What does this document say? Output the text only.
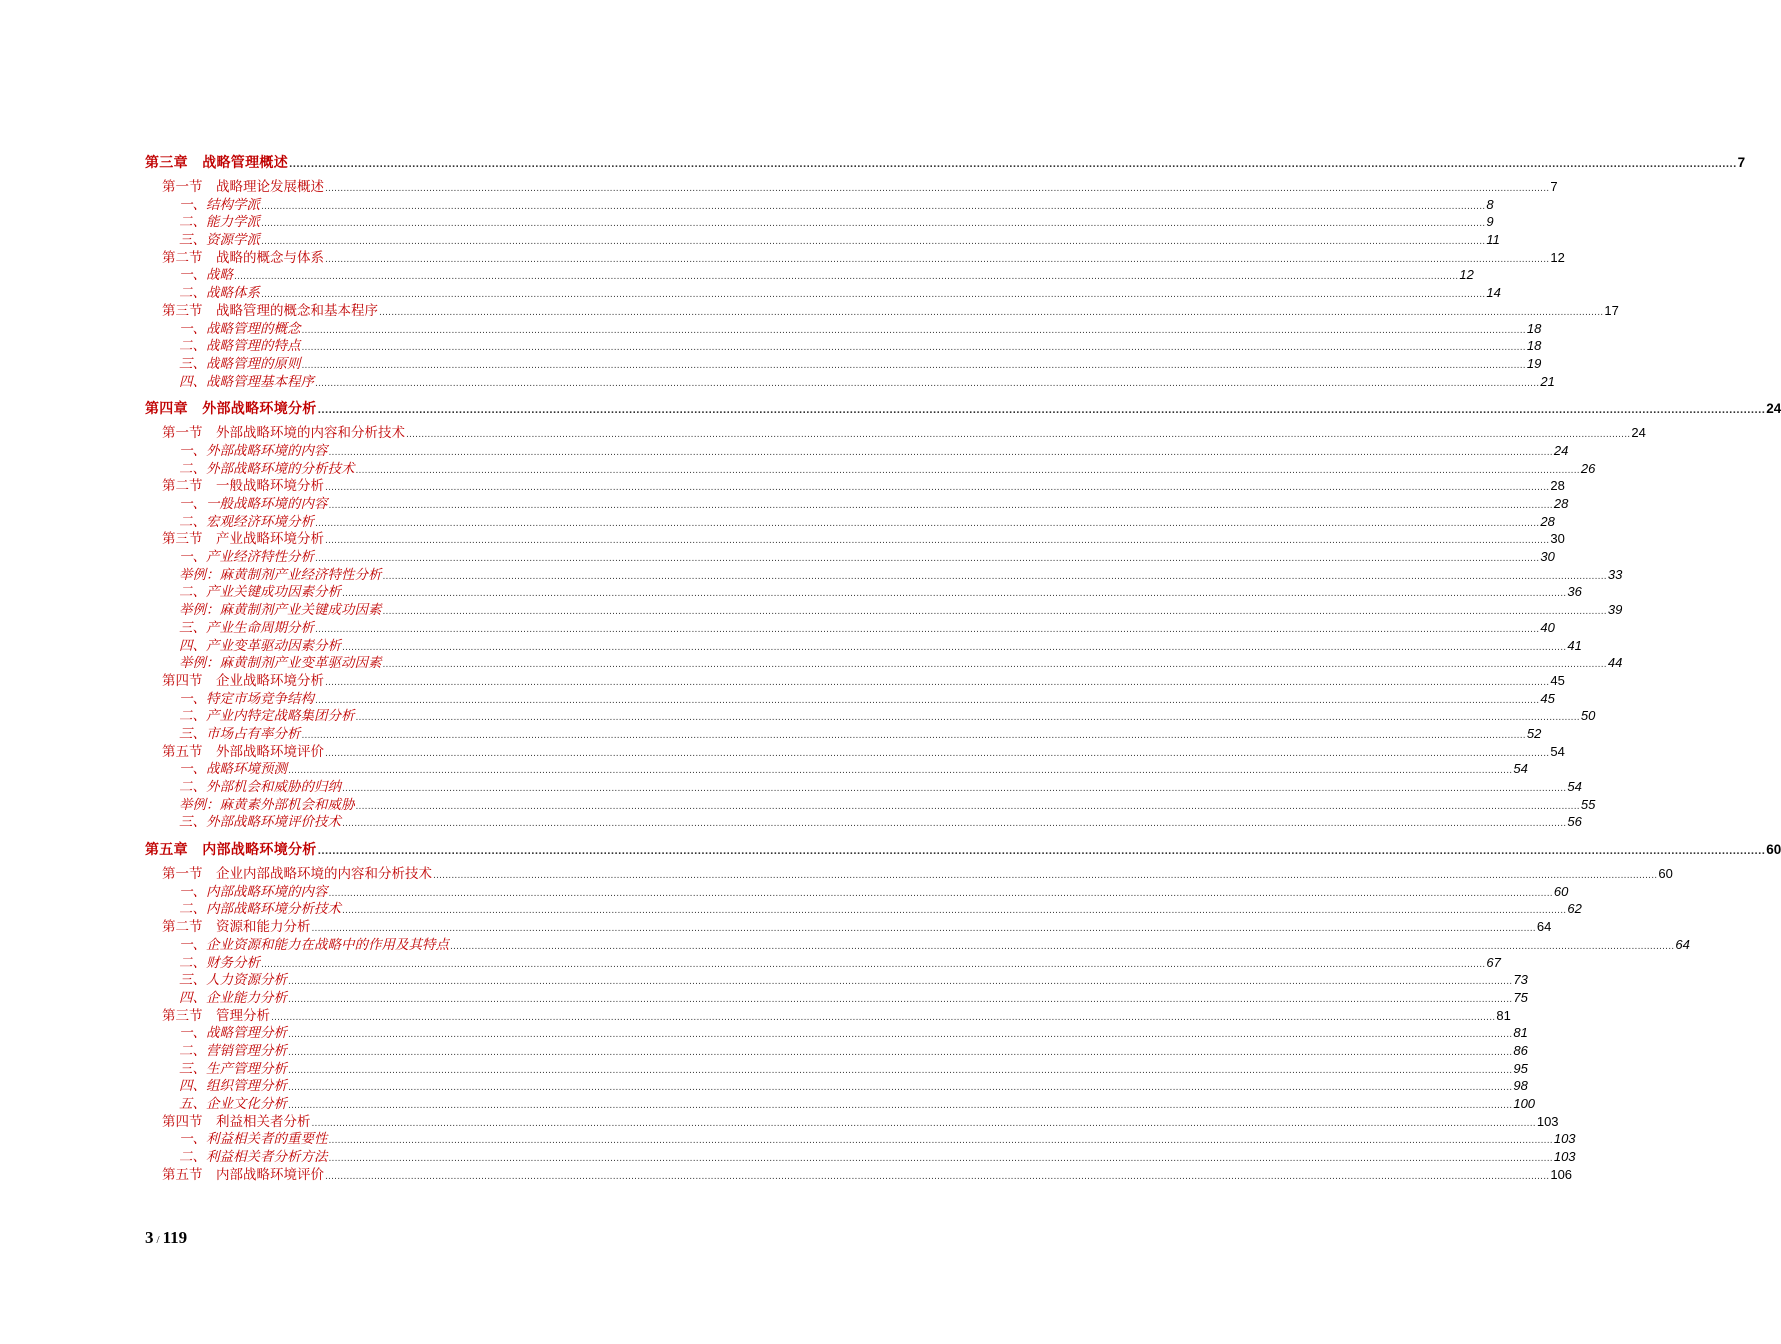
第三章　战略管理概述 ................................................................................................................................................................................................................................................................................................................................................................................................................ 7
第一节　战略理论发展概述 ................................................................................................................................................................................................................................................................................................................................................................................................................ 7
一、结构学派 ................................................................................................................................................................................................................................................................................................................................................................................................................ 8
二、能力学派 ................................................................................................................................................................................................................................................................................................................................................................................................................ 9
三、资源学派 ................................................................................................................................................................................................................................................................................................................................................................................................................ 11
第二节　战略的概念与体系 ................................................................................................................................................................................................................................................................................................................................................................................................................ 12
一、战略 ................................................................................................................................................................................................................................................................................................................................................................................................................ 12
二、战略体系 ................................................................................................................................................................................................................................................................................................................................................................................................................ 14
第三节　战略管理的概念和基本程序 ................................................................................................................................................................................................................................................................................................................................................................................................................ 17
一、战略管理的概念 ................................................................................................................................................................................................................................................................................................................................................................................................................ 18
二、战略管理的特点 ................................................................................................................................................................................................................................................................................................................................................................................................................ 18
三、战略管理的原则 ................................................................................................................................................................................................................................................................................................................................................................................................................ 19
四、战略管理基本程序 ................................................................................................................................................................................................................................................................................................................................................................................................................ 21
第四章　外部战略环境分析 ................................................................................................................................................................................................................................................................................................................................................................................................................ 24
第一节　外部战略环境的内容和分析技术 ................................................................................................................................................................................................................................................................................................................................................................................................................ 24
一、外部战略环境的内容 ................................................................................................................................................................................................................................................................................................................................................................................................................ 24
二、外部战略环境的分析技术 ................................................................................................................................................................................................................................................................................................................................................................................................................ 26
第二节　一般战略环境分析 ................................................................................................................................................................................................................................................................................................................................................................................................................ 28
一、一般战略环境的内容 ................................................................................................................................................................................................................................................................................................................................................................................................................ 28
二、宏观经济环境分析 ................................................................................................................................................................................................................................................................................................................................................................................................................ 28
第三节　产业战略环境分析 ................................................................................................................................................................................................................................................................................................................................................................................................................ 30
一、产业经济特性分析 ................................................................................................................................................................................................................................................................................................................................................................................................................ 30
举例：麻黄制剂产业经济特性分析 ................................................................................................................................................................................................................................................................................................................................................................................................................ 33
二、产业关键成功因素分析 ................................................................................................................................................................................................................................................................................................................................................................................................................ 36
举例：麻黄制剂产业关键成功因素 ................................................................................................................................................................................................................................................................................................................................................................................................................ 39
三、产业生命周期分析 ................................................................................................................................................................................................................................................................................................................................................................................................................ 40
四、产业变革驱动因素分析 ................................................................................................................................................................................................................................................................................................................................................................................................................ 41
举例：麻黄制剂产业变革驱动因素 ................................................................................................................................................................................................................................................................................................................................................................................................................ 44
第四节　企业战略环境分析 ................................................................................................................................................................................................................................................................................................................................................................................................................ 45
一、特定市场竞争结构 ................................................................................................................................................................................................................................................................................................................................................................................................................ 45
二、产业内特定战略集团分析 ................................................................................................................................................................................................................................................................................................................................................................................................................ 50
三、市场占有率分析 ................................................................................................................................................................................................................................................................................................................................................................................................................ 52
第五节　外部战略环境评价 ................................................................................................................................................................................................................................................................................................................................................................................................................ 54
一、战略环境预测 ................................................................................................................................................................................................................................................................................................................................................................................................................ 54
二、外部机会和威胁的归纳 ................................................................................................................................................................................................................................................................................................................................................................................................................ 54
举例：麻黄素外部机会和威胁 ................................................................................................................................................................................................................................................................................................................................................................................................................ 55
三、外部战略环境评价技术 ................................................................................................................................................................................................................................................................................................................................................................................................................ 56
第五章　内部战略环境分析 ................................................................................................................................................................................................................................................................................................................................................................................................................ 60
第一节　企业内部战略环境的内容和分析技术 ................................................................................................................................................................................................................................................................................................................................................................................................................ 60
一、内部战略环境的内容 ................................................................................................................................................................................................................................................................................................................................................................................................................ 60
二、内部战略环境分析技术 ................................................................................................................................................................................................................................................................................................................................................................................................................ 62
第二节　资源和能力分析 ................................................................................................................................................................................................................................................................................................................................................................................................................ 64
一、企业资源和能力在战略中的作用及其特点 ................................................................................................................................................................................................................................................................................................................................................................................................................ 64
二、财务分析 ................................................................................................................................................................................................................................................................................................................................................................................................................ 67
三、人力资源分析 ................................................................................................................................................................................................................................................................................................................................................................................................................ 73
四、企业能力分析 ................................................................................................................................................................................................................................................................................................................................................................................................................ 75
第三节　管理分析 ................................................................................................................................................................................................................................................................................................................................................................................................................ 81
一、战略管理分析 ................................................................................................................................................................................................................................................................................................................................................................................................................ 81
二、营销管理分析 ................................................................................................................................................................................................................................................................................................................................................................................................................ 86
三、生产管理分析 ................................................................................................................................................................................................................................................................................................................................................................................................................ 95
四、组织管理分析 ................................................................................................................................................................................................................................................................................................................................................................................................................ 98
五、企业文化分析 ................................................................................................................................................................................................................................................................................................................................................................................................................ 100
第四节　利益相关者分析 ................................................................................................................................................................................................................................................................................................................................................................................................................ 103
一、利益相关者的重要性 ................................................................................................................................................................................................................................................................................................................................................................................................................ 103
二、利益相关者分析方法 ................................................................................................................................................................................................................................................................................................................................................................................................................ 103
第五节　内部战略环境评价 ................................................................................................................................................................................................................................................................................................................................................................................................................ 106
3 / 119
